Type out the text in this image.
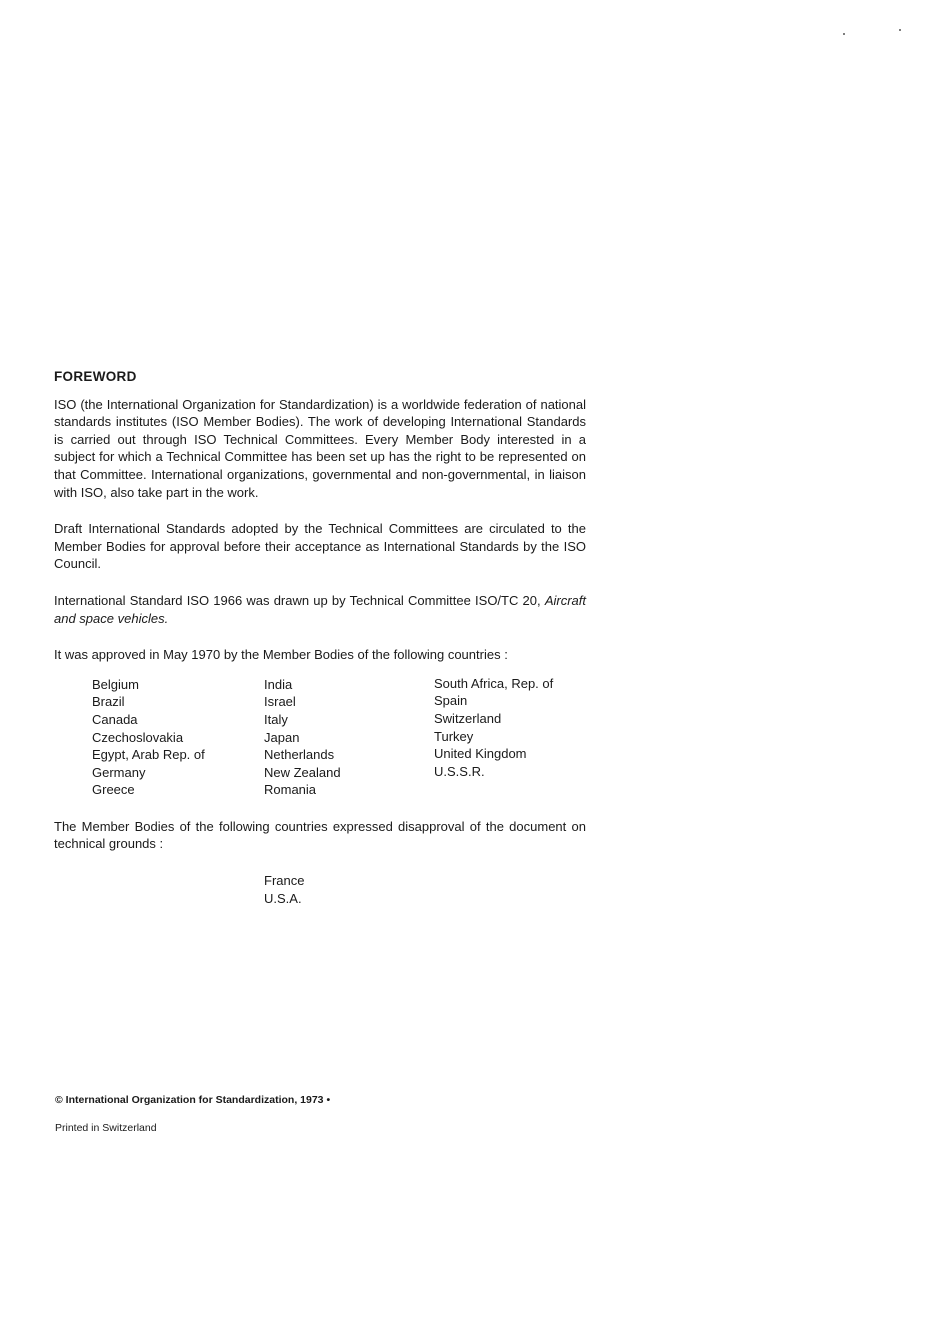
FOREWORD

ISO (the International Organization for Standardization) is a worldwide federation of national standards institutes (ISO Member Bodies). The work of developing International Standards is carried out through ISO Technical Committees. Every Member Body interested in a subject for which a Technical Committee has been set up has the right to be represented on that Committee. International organizations, governmental and non-governmental, in liaison with ISO, also take part in the work.

Draft International Standards adopted by the Technical Committees are circulated to the Member Bodies for approval before their acceptance as International Standards by the ISO Council.

International Standard ISO 1966 was drawn up by Technical Committee ISO/TC 20, Aircraft and space vehicles.

It was approved in May 1970 by the Member Bodies of the following countries :

Belgium
Brazil
Canada
Czechoslovakia
Egypt, Arab Rep. of
Germany
Greece
India
Israel
Italy
Japan
Netherlands
New Zealand
Romania
South Africa, Rep. of
Spain
Switzerland
Turkey
United Kingdom
U.S.S.R.

The Member Bodies of the following countries expressed disapproval of the document on technical grounds :

France
U.S.A.

© International Organization for Standardization, 1973 •

Printed in Switzerland
